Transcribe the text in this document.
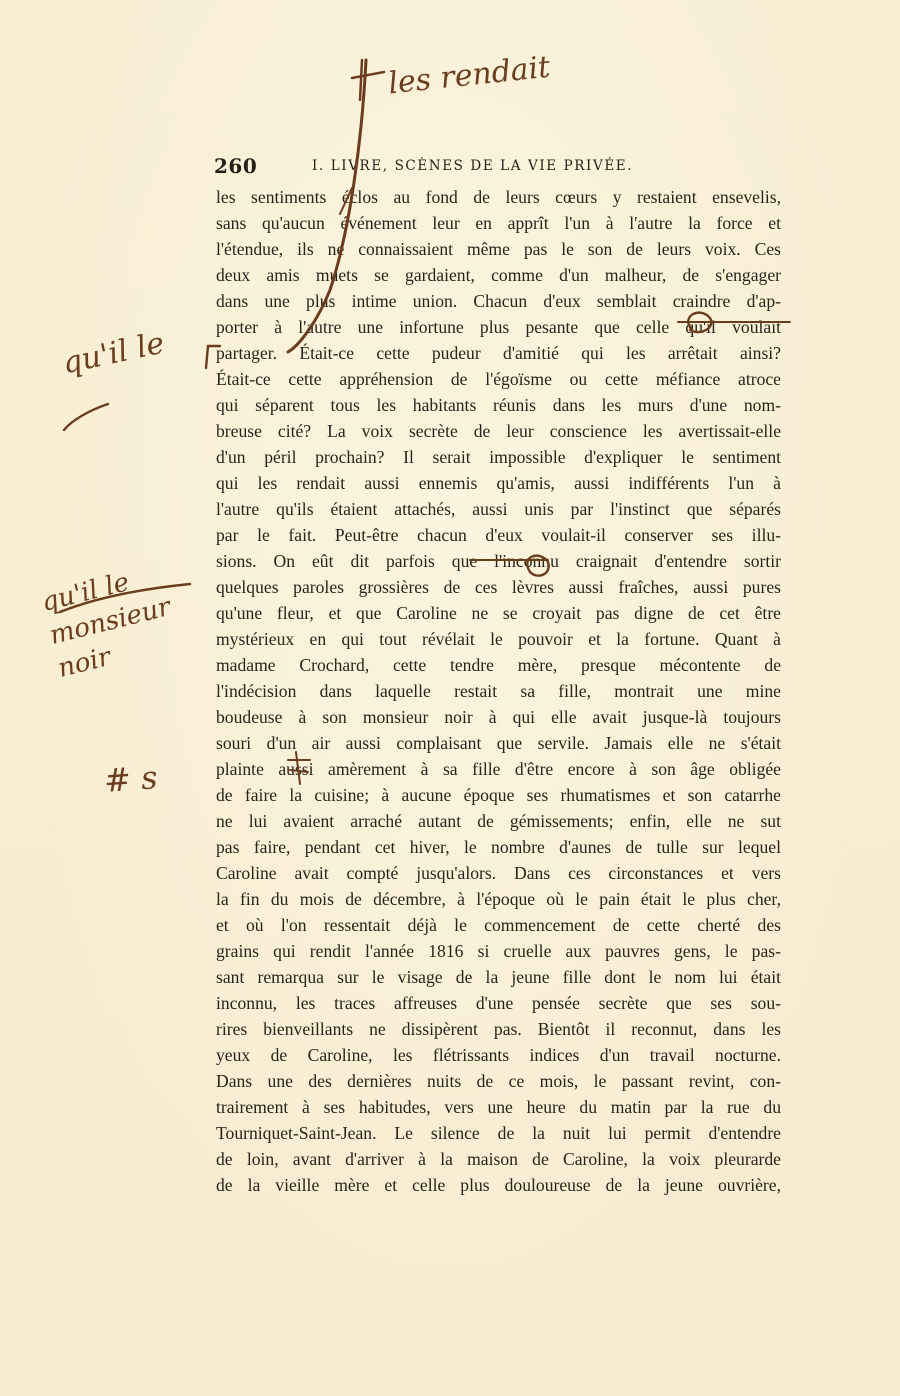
260	I. LIVRE, SCÈNES DE LA VIE PRIVÉE.
les sentiments éclos au fond de leurs cœurs y restaient ensevelis,
sans qu'aucun événement leur en apprît l'un à l'autre la force et
l'étendue, ils ne connaissaient même pas le son de leurs voix. Ces
deux amis muets se gardaient, comme d'un malheur, de s'engager
dans une plus intime union. Chacun d'eux semblait craindre d'ap-
porter à l'autre une infortune plus pesante que celle qu'il voulait
partager. Était-ce cette pudeur d'amitié qui les arrêtait ainsi?
Était-ce cette appréhension de l'égoïsme ou cette méfiance atroce
qui séparent tous les habitants réunis dans les murs d'une nom-
breuse cité? La voix secrète de leur conscience les avertissait-elle
d'un péril prochain? Il serait impossible d'expliquer le sentiment
qui les rendait aussi ennemis qu'amis, aussi indifférents l'un à
l'autre qu'ils étaient attachés, aussi unis par l'instinct que séparés
par le fait. Peut-être chacun d'eux voulait-il conserver ses illu-
sions. On eût dit parfois que l'inconnu craignait d'entendre sortir
quelques paroles grossières de ces lèvres aussi fraîches, aussi pures
qu'une fleur, et que Caroline ne se croyait pas digne de cet être
mystérieux en qui tout révélait le pouvoir et la fortune. Quant à
madame Crochard, cette tendre mère, presque mécontente de
l'indécision dans laquelle restait sa fille, montrait une mine
boudeuse à son monsieur noir à qui elle avait jusque-là toujours
souri d'un air aussi complaisant que servile. Jamais elle ne s'était
plainte aussi amèrement à sa fille d'être encore à son âge obligée
de faire la cuisine; à aucune époque ses rhumatismes et son catarrhe
ne lui avaient arraché autant de gémissements; enfin, elle ne sut
pas faire, pendant cet hiver, le nombre d'aunes de tulle sur lequel
Caroline avait compté jusqu'alors. Dans ces circonstances et vers
la fin du mois de décembre, à l'époque où le pain était le plus cher,
et où l'on ressentait déjà le commencement de cette cherté des
grains qui rendit l'année 1816 si cruelle aux pauvres gens, le pas-
sant remarqua sur le visage de la jeune fille dont le nom lui était
inconnu, les traces affreuses d'une pensée secrète que ses sou-
rires bienveillants ne dissipèrent pas. Bientôt il reconnut, dans les
yeux de Caroline, les flétrissants indices d'un travail nocturne.
Dans une des dernières nuits de ce mois, le passant revint, con-
trairement à ses habitudes, vers une heure du matin par la rue du
Tourniquet-Saint-Jean. Le silence de la nuit lui permit d'entendre
de loin, avant d'arriver à la maison de Caroline, la voix pleurarde
de la vieille mère et celle plus douloureuse de la jeune ouvrière,
les rendait
qu'il le
qu'il le monsieur noir
# s
